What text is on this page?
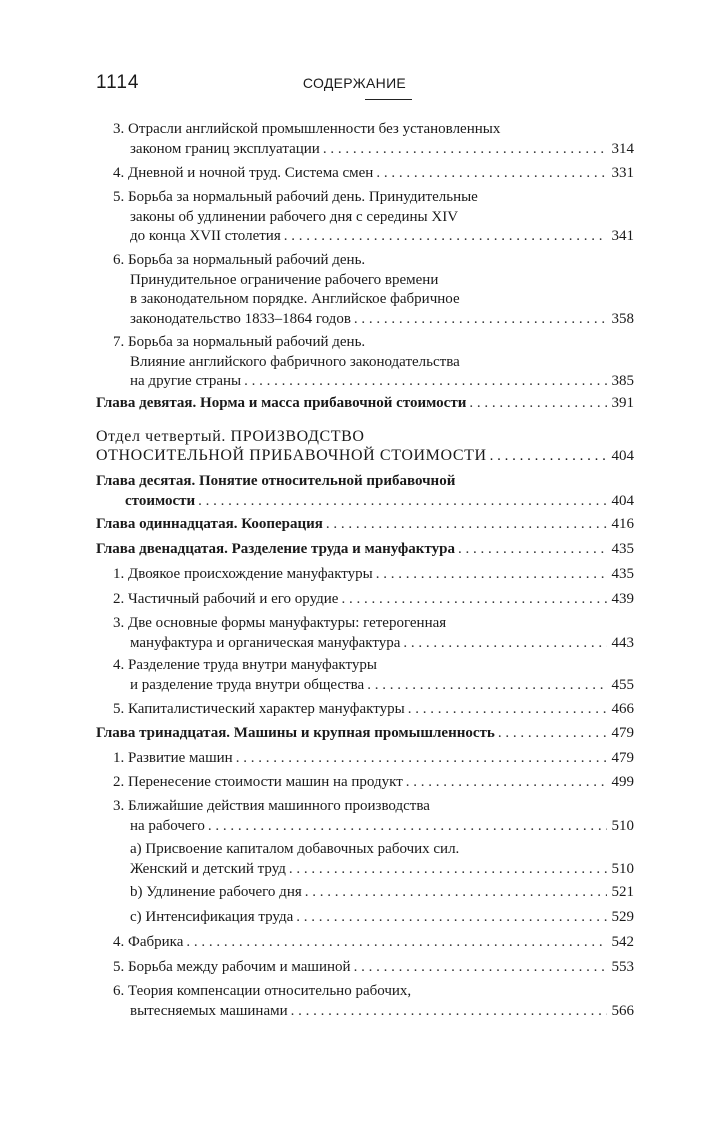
1114	СОДЕРЖАНИЕ
3. Отрасли английской промышленности без установленных
законом границ эксплуатации . . .	314
4. Дневной и ночной труд. Система смен . . .	331
5. Борьба за нормальный рабочий день. Принудительные
законы об удлинении рабочего дня с середины XIV
до конца XVII столетия . . .	341
6. Борьба за нормальный рабочий день.
Принудительное ограничение рабочего времени
в законодательном порядке. Английское фабричное
законодательство 1833–1864 годов . . .	358
7. Борьба за нормальный рабочий день.
Влияние английского фабричного законодательства
на другие страны . . .	385
Глава девятая. Норма и масса прибавочной стоимости . . .	391
Отдел четвертый. ПРОИЗВОДСТВО
ОТНОСИТЕЛЬНОЙ ПРИБАВОЧНОЙ СТОИМОСТИ . . .	404
Глава десятая. Понятие относительной прибавочной
стоимости . . .	404
Глава одиннадцатая. Кооперация . . .	416
Глава двенадцатая. Разделение труда и мануфактура . . .	435
1. Двоякое происхождение мануфактуры . . .	435
2. Частичный рабочий и его орудие . . .	439
3. Две основные формы мануфактуры: гетерогенная
мануфактура и органическая мануфактура . . .	443
4. Разделение труда внутри мануфактуры
и разделение труда внутри общества . . .	455
5. Капиталистический характер мануфактуры . . .	466
Глава тринадцатая. Машины и крупная промышленность . . .	479
1. Развитие машин . . .	479
2. Перенесение стоимости машин на продукт . . .	499
3. Ближайшие действия машинного производства
на рабочего . . .	510
a) Присвоение капиталом добавочных рабочих сил.
Женский и детский труд . . .	510
b) Удлинение рабочего дня . . .	521
c) Интенсификация труда . . .	529
4. Фабрика . . .	542
5. Борьба между рабочим и машиной . . .	553
6. Теория компенсации относительно рабочих,
вытесняемых машинами . . .	566
